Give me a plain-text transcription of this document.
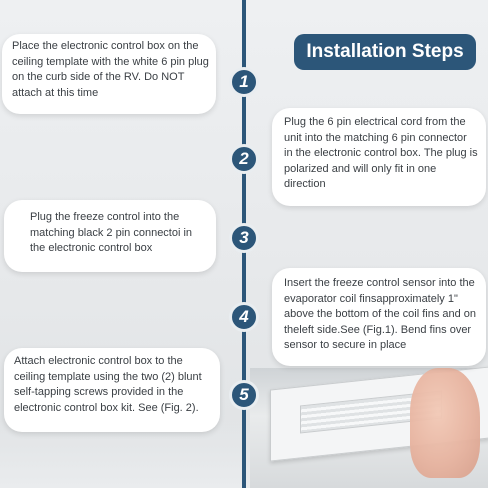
Installation Steps
Place the electronic control box on the ceiling template with the white 6 pin plug on the curb side of the RV. Do NOT attach at this time
1
Plug the 6 pin electrical cord from the unit into the matching 6 pin connector in the electronic control box. The plug is polarized and will only fit in one direction
2
Plug the freeze control into the matching black 2 pin connectoi in the electronic control box
3
Insert the freeze control sensor into the evaporator coil finsapproximately 1" above the bottom of the coil fins and on theleft side.See (Fig.1). Bend fins over sensor to secure in place
4
Attach electronic control box to the ceiling template using the two (2) blunt self-tapping screws provided in the electronic control box kit. See (Fig. 2).
5
